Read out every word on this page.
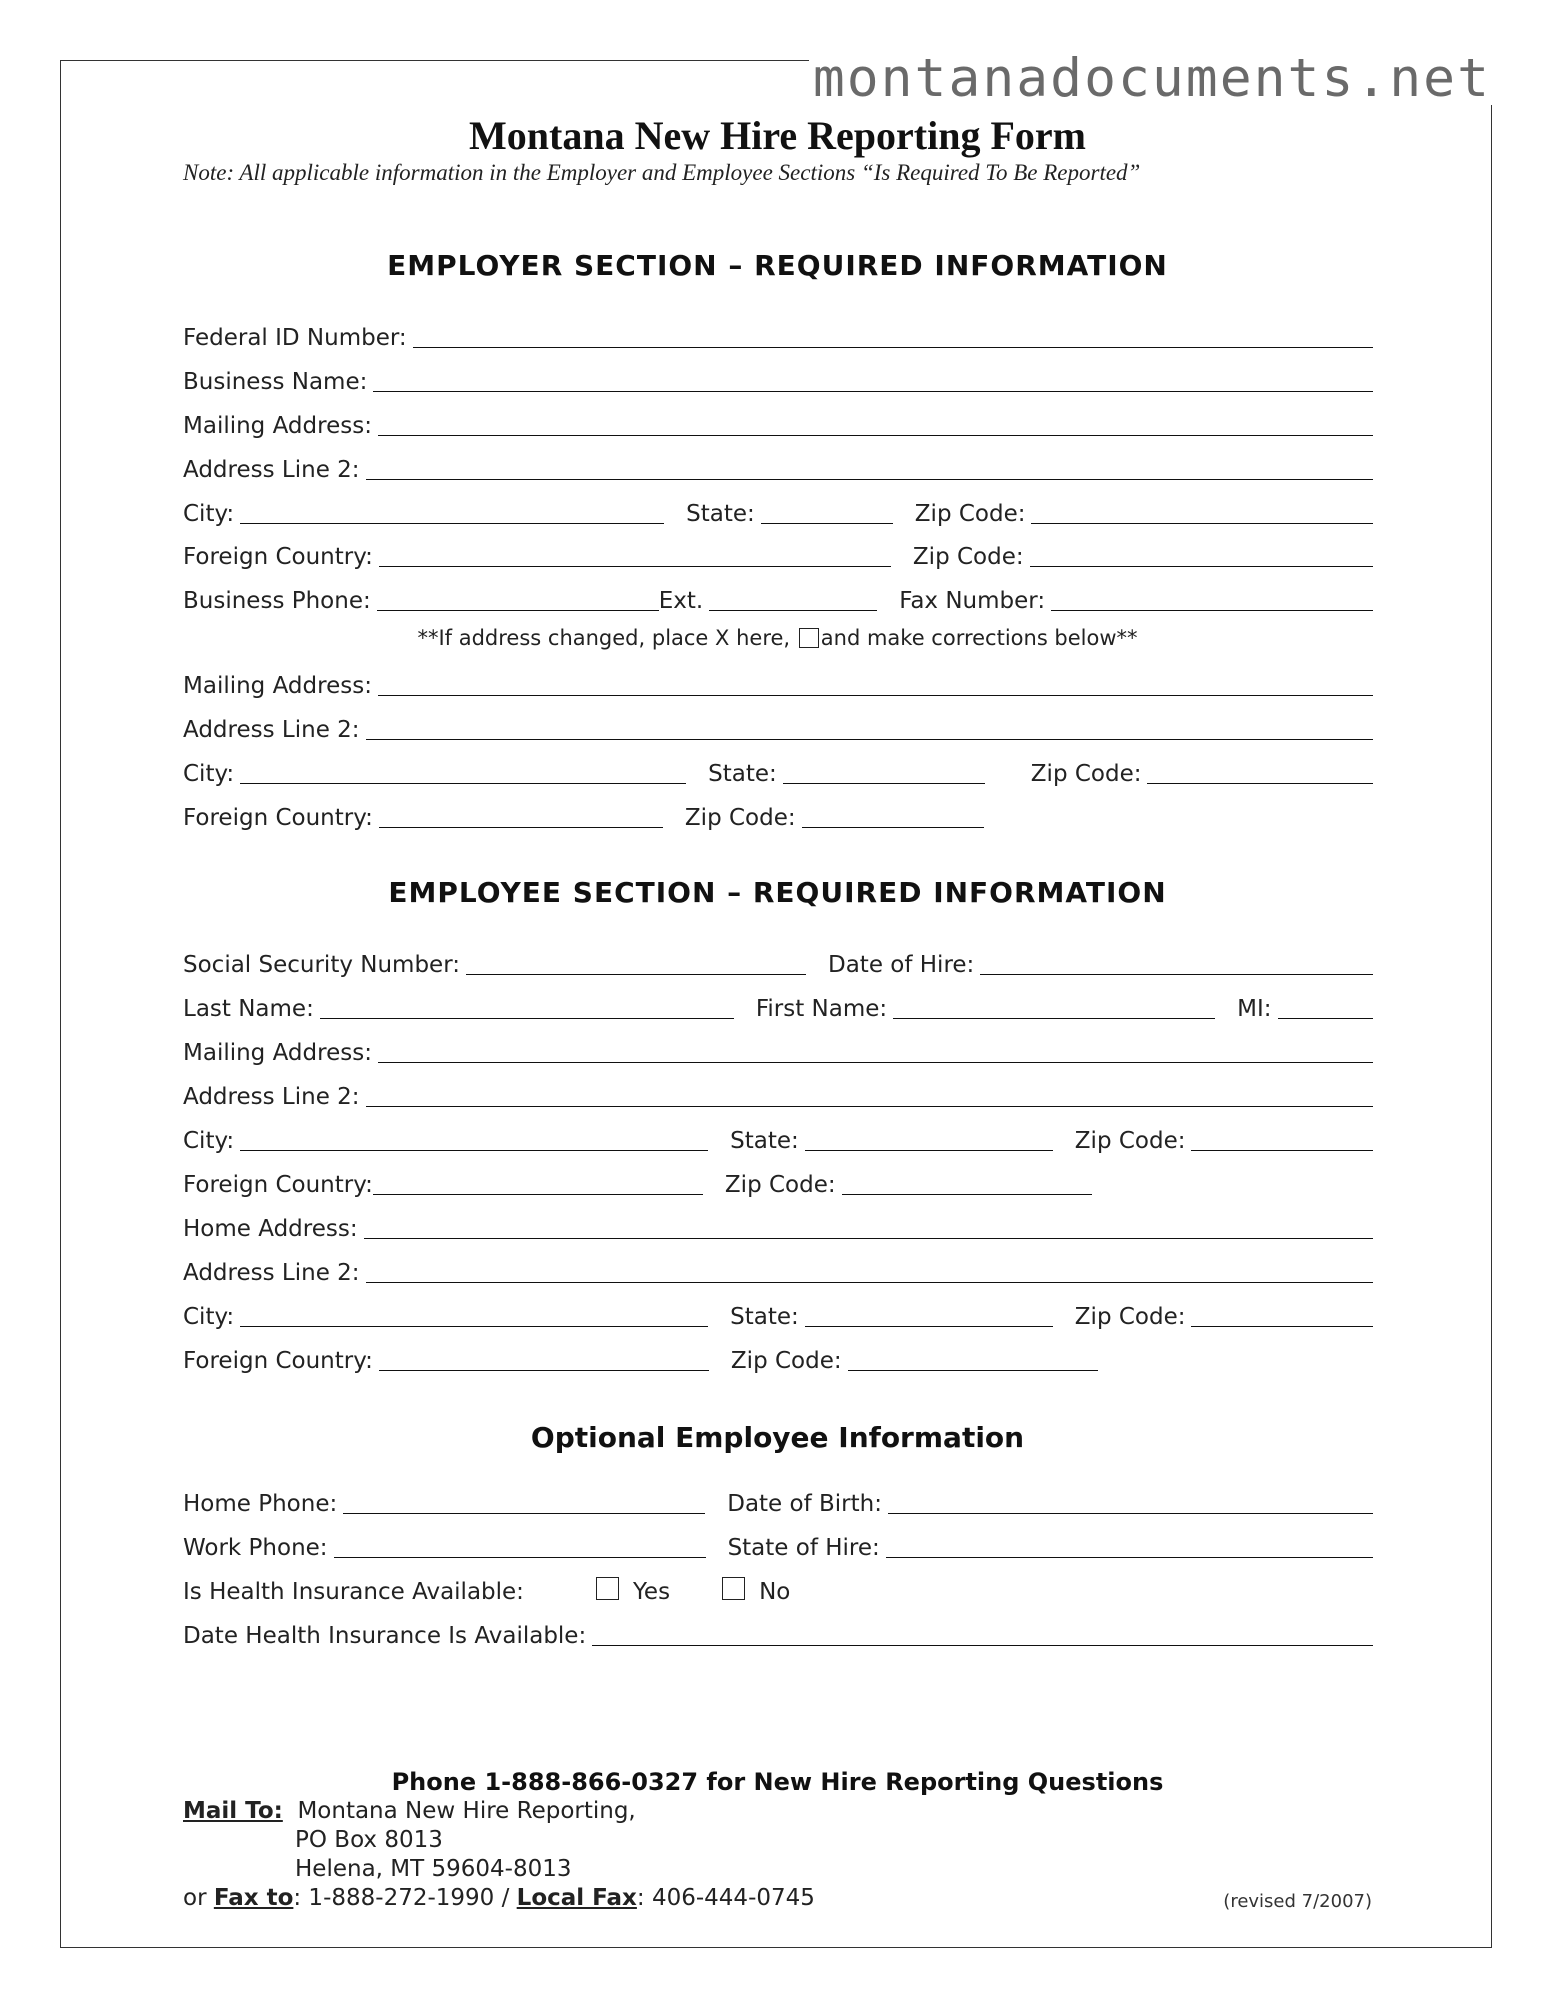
montanadocuments.net
Montana New Hire Reporting Form
Note: All applicable information in the Employer and Employee Sections “Is Required To Be Reported”
EMPLOYER SECTION – REQUIRED INFORMATION
Federal ID Number:
Business Name:
Mailing Address:
Address Line 2:
City:	State:	Zip Code:
Foreign Country:	Zip Code:
Business Phone:	Ext.	Fax Number:
**If address changed, place X here, and make corrections below**
Mailing Address:
Address Line 2:
City:	State:	Zip Code:
Foreign Country:	Zip Code:
EMPLOYEE SECTION – REQUIRED INFORMATION
Social Security Number:	Date of Hire:
Last Name:	First Name:	MI:
Mailing Address:
Address Line 2:
City:	State:	Zip Code:
Foreign Country:	Zip Code:
Home Address:
Address Line 2:
City:	State:	Zip Code:
Foreign Country:	Zip Code:
Optional Employee Information
Home Phone:	Date of Birth:
Work Phone:	State of Hire:
Is Health Insurance Available:	Yes	No
Date Health Insurance Is Available:
Phone 1-888-866-0327 for New Hire Reporting Questions
Mail To: Montana New Hire Reporting,
PO Box 8013
Helena, MT 59604-8013
or Fax to: 1-888-272-1990 / Local Fax: 406-444-0745	(revised 7/2007)
